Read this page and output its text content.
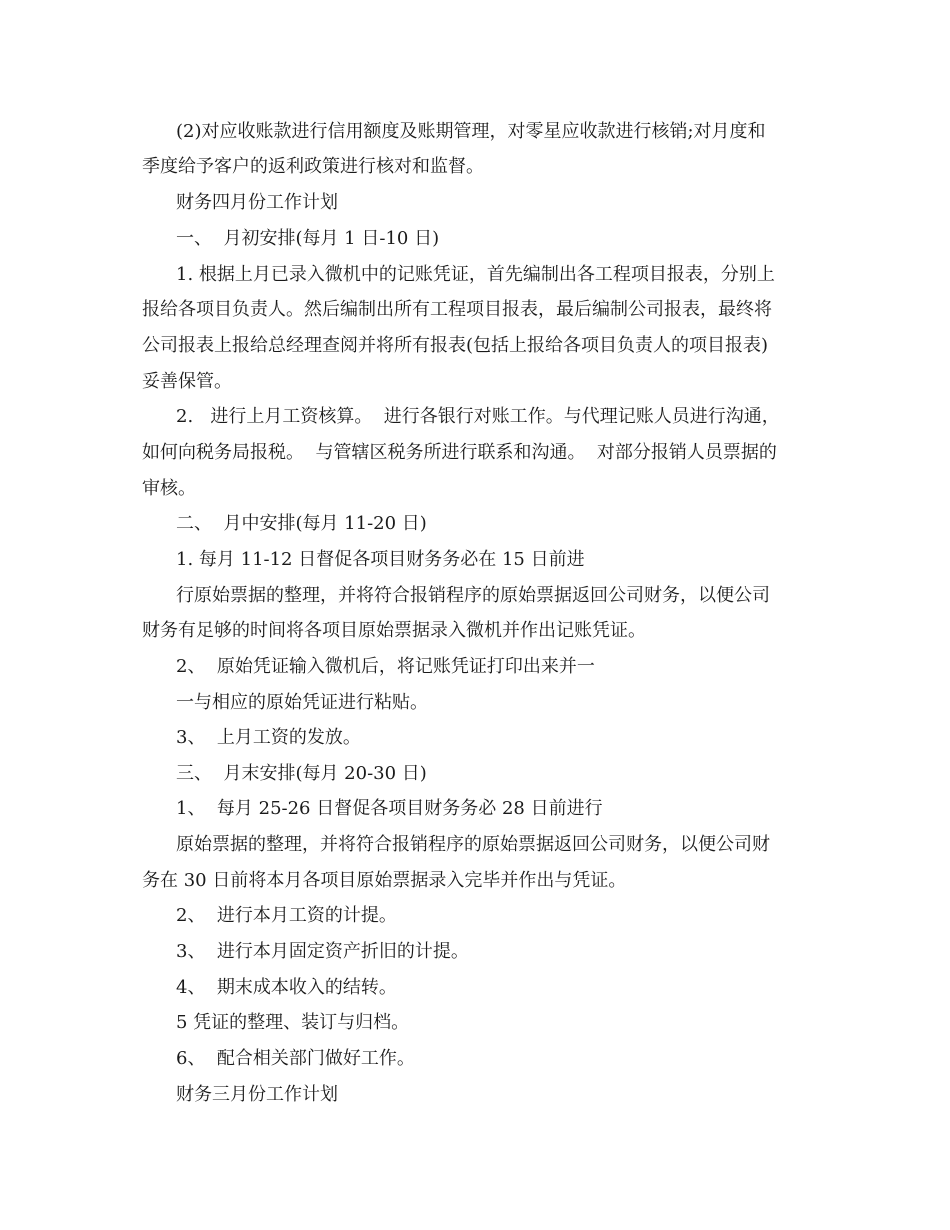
(2)对应收账款进行信用额度及账期管理，对零星应收款进行核销;对月度和
季度给予客户的返利政策进行核对和监督。
财务四月份工作计划
一、  月初安排(每月 1 日-10 日)
1. 根据上月已录入微机中的记账凭证，首先编制出各工程项目报表，分别上
报给各项目负责人。然后编制出所有工程项目报表，最后编制公司报表，最终将
公司报表上报给总经理查阅并将所有报表(包括上报给各项目负责人的项目报表)
妥善保管。
2.   进行上月工资核算。  进行各银行对账工作。与代理记账人员进行沟通，
如何向税务局报税。  与管辖区税务所进行联系和沟通。  对部分报销人员票据的
审核。
二、  月中安排(每月 11-20 日)
1. 每月 11-12 日督促各项目财务务必在 15 日前进
行原始票据的整理，并将符合报销程序的原始票据返回公司财务，以便公司
财务有足够的时间将各项目原始票据录入微机并作出记账凭证。
2、  原始凭证输入微机后，将记账凭证打印出来并一
一与相应的原始凭证进行粘贴。
3、  上月工资的发放。
三、  月末安排(每月 20-30 日)
1、  每月 25-26 日督促各项目财务务必 28 日前进行
原始票据的整理，并将符合报销程序的原始票据返回公司财务，以便公司财
务在 30 日前将本月各项目原始票据录入完毕并作出与凭证。
2、  进行本月工资的计提。
3、  进行本月固定资产折旧的计提。
4、  期末成本收入的结转。
5 凭证的整理、装订与归档。
6、  配合相关部门做好工作。
财务三月份工作计划
